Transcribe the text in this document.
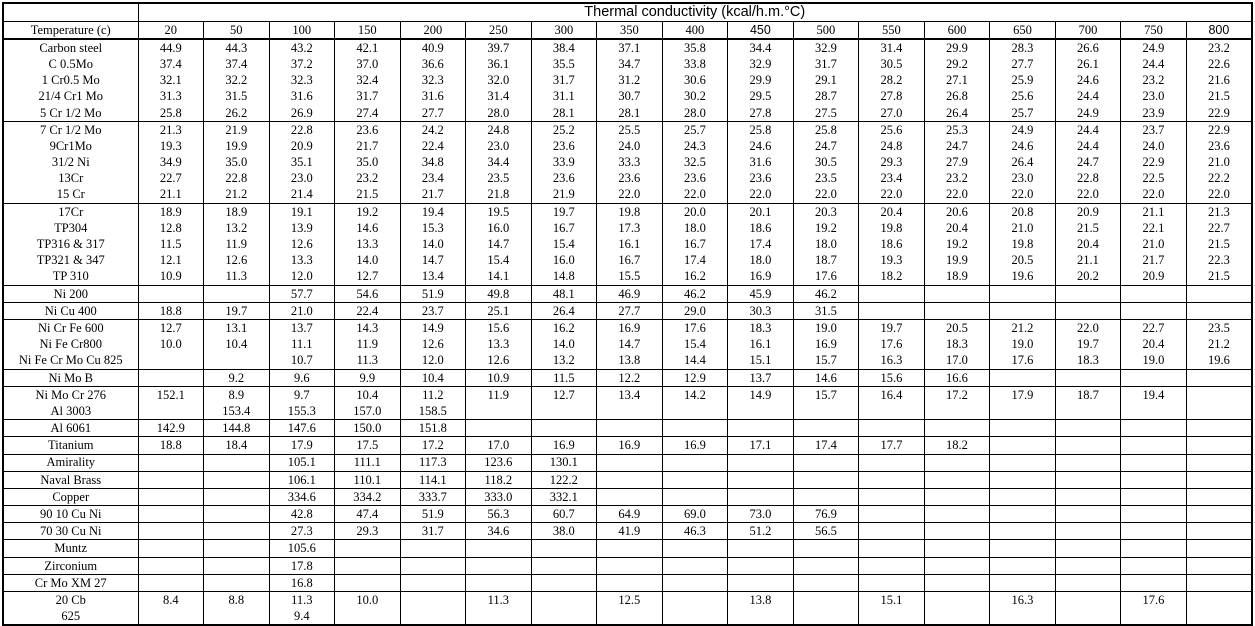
	Thermal conductivity (kcal/h.m.°C)																
Temperature (c)	20	50	100	150	200	250	300	350	400	450	500	550	600	650	700	750	800
Carbon steel	44.9	44.3	43.2	42.1	40.9	39.7	38.4	37.1	35.8	34.4	32.9	31.4	29.9	28.3	26.6	24.9	23.2
C 0.5Mo	37.4	37.4	37.2	37.0	36.6	36.1	35.5	34.7	33.8	32.9	31.7	30.5	29.2	27.7	26.1	24.4	22.6
1 Cr0.5 Mo	32.1	32.2	32.3	32.4	32.3	32.0	31.7	31.2	30.6	29.9	29.1	28.2	27.1	25.9	24.6	23.2	21.6
21/4 Cr1 Mo	31.3	31.5	31.6	31.7	31.6	31.4	31.1	30.7	30.2	29.5	28.7	27.8	26.8	25.6	24.4	23.0	21.5
5 Cr 1/2 Mo	25.8	26.2	26.9	27.4	27.7	28.0	28.1	28.1	28.0	27.8	27.5	27.0	26.4	25.7	24.9	23.9	22.9
7 Cr 1/2 Mo	21.3	21.9	22.8	23.6	24.2	24.8	25.2	25.5	25.7	25.8	25.8	25.6	25.3	24.9	24.4	23.7	22.9
9Cr1Mo	19.3	19.9	20.9	21.7	22.4	23.0	23.6	24.0	24.3	24.6	24.7	24.8	24.7	24.6	24.4	24.0	23.6
31/2 Ni	34.9	35.0	35.1	35.0	34.8	34.4	33.9	33.3	32.5	31.6	30.5	29.3	27.9	26.4	24.7	22.9	21.0
13Cr	22.7	22.8	23.0	23.2	23.4	23.5	23.6	23.6	23.6	23.6	23.5	23.4	23.2	23.0	22.8	22.5	22.2
15 Cr	21.1	21.2	21.4	21.5	21.7	21.8	21.9	22.0	22.0	22.0	22.0	22.0	22.0	22.0	22.0	22.0	22.0
17Cr	18.9	18.9	19.1	19.2	19.4	19.5	19.7	19.8	20.0	20.1	20.3	20.4	20.6	20.8	20.9	21.1	21.3
TP304	12.8	13.2	13.9	14.6	15.3	16.0	16.7	17.3	18.0	18.6	19.2	19.8	20.4	21.0	21.5	22.1	22.7
TP316 & 317	11.5	11.9	12.6	13.3	14.0	14.7	15.4	16.1	16.7	17.4	18.0	18.6	19.2	19.8	20.4	21.0	21.5
TP321 & 347	12.1	12.6	13.3	14.0	14.7	15.4	16.0	16.7	17.4	18.0	18.7	19.3	19.9	20.5	21.1	21.7	22.3
TP 310	10.9	11.3	12.0	12.7	13.4	14.1	14.8	15.5	16.2	16.9	17.6	18.2	18.9	19.6	20.2	20.9	21.5
Ni 200			57.7	54.6	51.9	49.8	48.1	46.9	46.2	45.9	46.2						
Ni Cu 400	18.8	19.7	21.0	22.4	23.7	25.1	26.4	27.7	29.0	30.3	31.5						
Ni Cr Fe 600	12.7	13.1	13.7	14.3	14.9	15.6	16.2	16.9	17.6	18.3	19.0	19.7	20.5	21.2	22.0	22.7	23.5
Ni Fe Cr800	10.0	10.4	11.1	11.9	12.6	13.3	14.0	14.7	15.4	16.1	16.9	17.6	18.3	19.0	19.7	20.4	21.2
Ni Fe Cr Mo Cu 825			10.7	11.3	12.0	12.6	13.2	13.8	14.4	15.1	15.7	16.3	17.0	17.6	18.3	19.0	19.6
Ni Mo B		9.2	9.6	9.9	10.4	10.9	11.5	12.2	12.9	13.7	14.6	15.6	16.6				
Ni Mo Cr 276	152.1	8.9	9.7	10.4	11.2	11.9	12.7	13.4	14.2	14.9	15.7	16.4	17.2	17.9	18.7	19.4	
Al 3003		153.4	155.3	157.0	158.5												
Al 6061	142.9	144.8	147.6	150.0	151.8												
Titanium	18.8	18.4	17.9	17.5	17.2	17.0	16.9	16.9	16.9	17.1	17.4	17.7	18.2				
Amirality			105.1	111.1	117.3	123.6	130.1										
Naval Brass			106.1	110.1	114.1	118.2	122.2										
Copper			334.6	334.2	333.7	333.0	332.1										
90 10 Cu Ni			42.8	47.4	51.9	56.3	60.7	64.9	69.0	73.0	76.9						
70 30 Cu Ni			27.3	29.3	31.7	34.6	38.0	41.9	46.3	51.2	56.5						
Muntz			105.6														
Zirconium			17.8														
Cr Mo XM 27			16.8														
20 Cb	8.4	8.8	11.3	10.0		11.3		12.5		13.8		15.1		16.3		17.6	
625			9.4														
